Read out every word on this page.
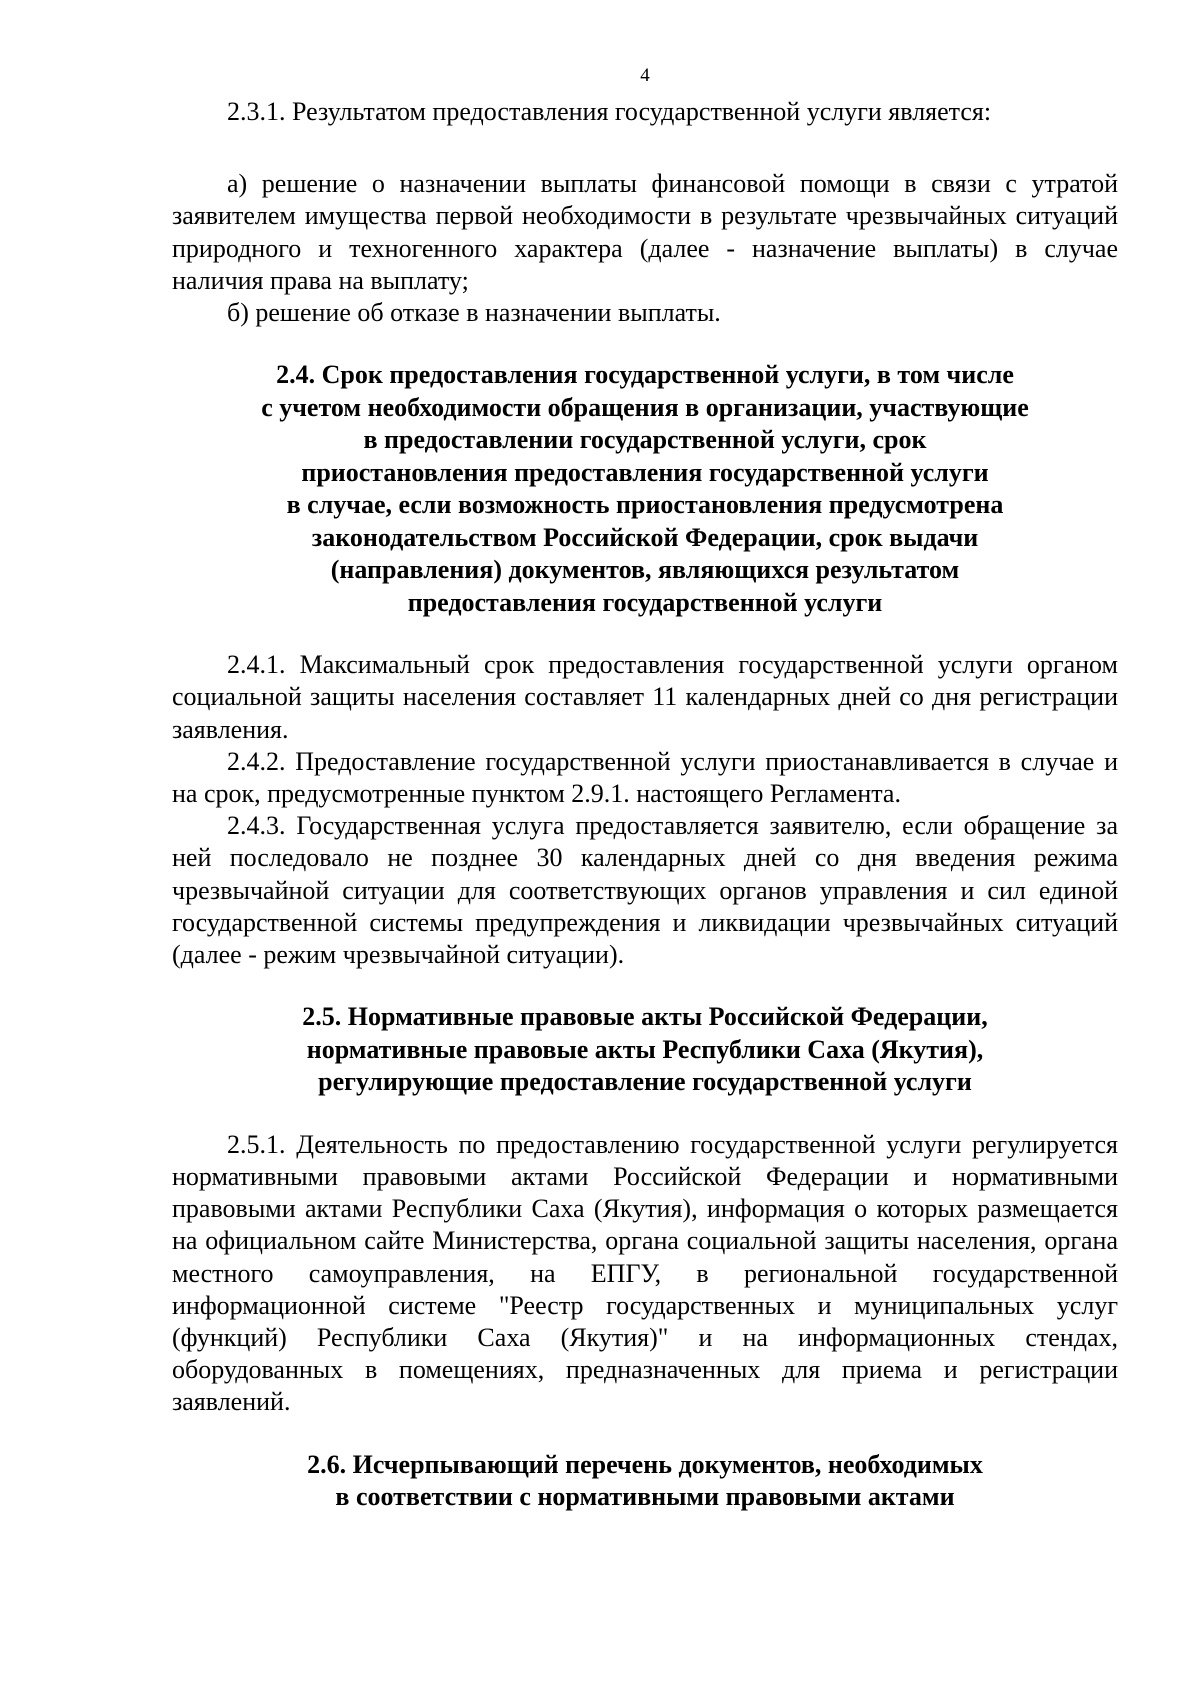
4

2.3.1. Результатом предоставления государственной услуги является:

а) решение о назначении выплаты финансовой помощи в связи с утратой заявителем имущества первой необходимости в результате чрезвычайных ситуаций природного и техногенного характера (далее - назначение выплаты) в случае наличия права на выплату;

б) решение об отказе в назначении выплаты.

2.4. Срок предоставления государственной услуги, в том числе
с учетом необходимости обращения в организации, участвующие
в предоставлении государственной услуги, срок
приостановления предоставления государственной услуги
в случае, если возможность приостановления предусмотрена
законодательством Российской Федерации, срок выдачи
(направления) документов, являющихся результатом
предоставления государственной услуги

2.4.1. Максимальный срок предоставления государственной услуги органом социальной защиты населения составляет 11 календарных дней со дня регистрации заявления.

2.4.2. Предоставление государственной услуги приостанавливается в случае и на срок, предусмотренные пунктом 2.9.1. настоящего Регламента.

2.4.3. Государственная услуга предоставляется заявителю, если обращение за ней последовало не позднее 30 календарных дней со дня введения режима чрезвычайной ситуации для соответствующих органов управления и сил единой государственной системы предупреждения и ликвидации чрезвычайных ситуаций (далее - режим чрезвычайной ситуации).

2.5. Нормативные правовые акты Российской Федерации,
нормативные правовые акты Республики Саха (Якутия),
регулирующие предоставление государственной услуги

2.5.1. Деятельность по предоставлению государственной услуги регулируется нормативными правовыми актами Российской Федерации и нормативными правовыми актами Республики Саха (Якутия), информация о которых размещается на официальном сайте Министерства, органа социальной защиты населения, органа местного самоуправления, на ЕПГУ, в региональной государственной информационной системе "Реестр государственных и муниципальных услуг (функций) Республики Саха (Якутия)" и на информационных стендах, оборудованных в помещениях, предназначенных для приема и регистрации заявлений.

2.6. Исчерпывающий перечень документов, необходимых
в соответствии с нормативными правовыми актами
